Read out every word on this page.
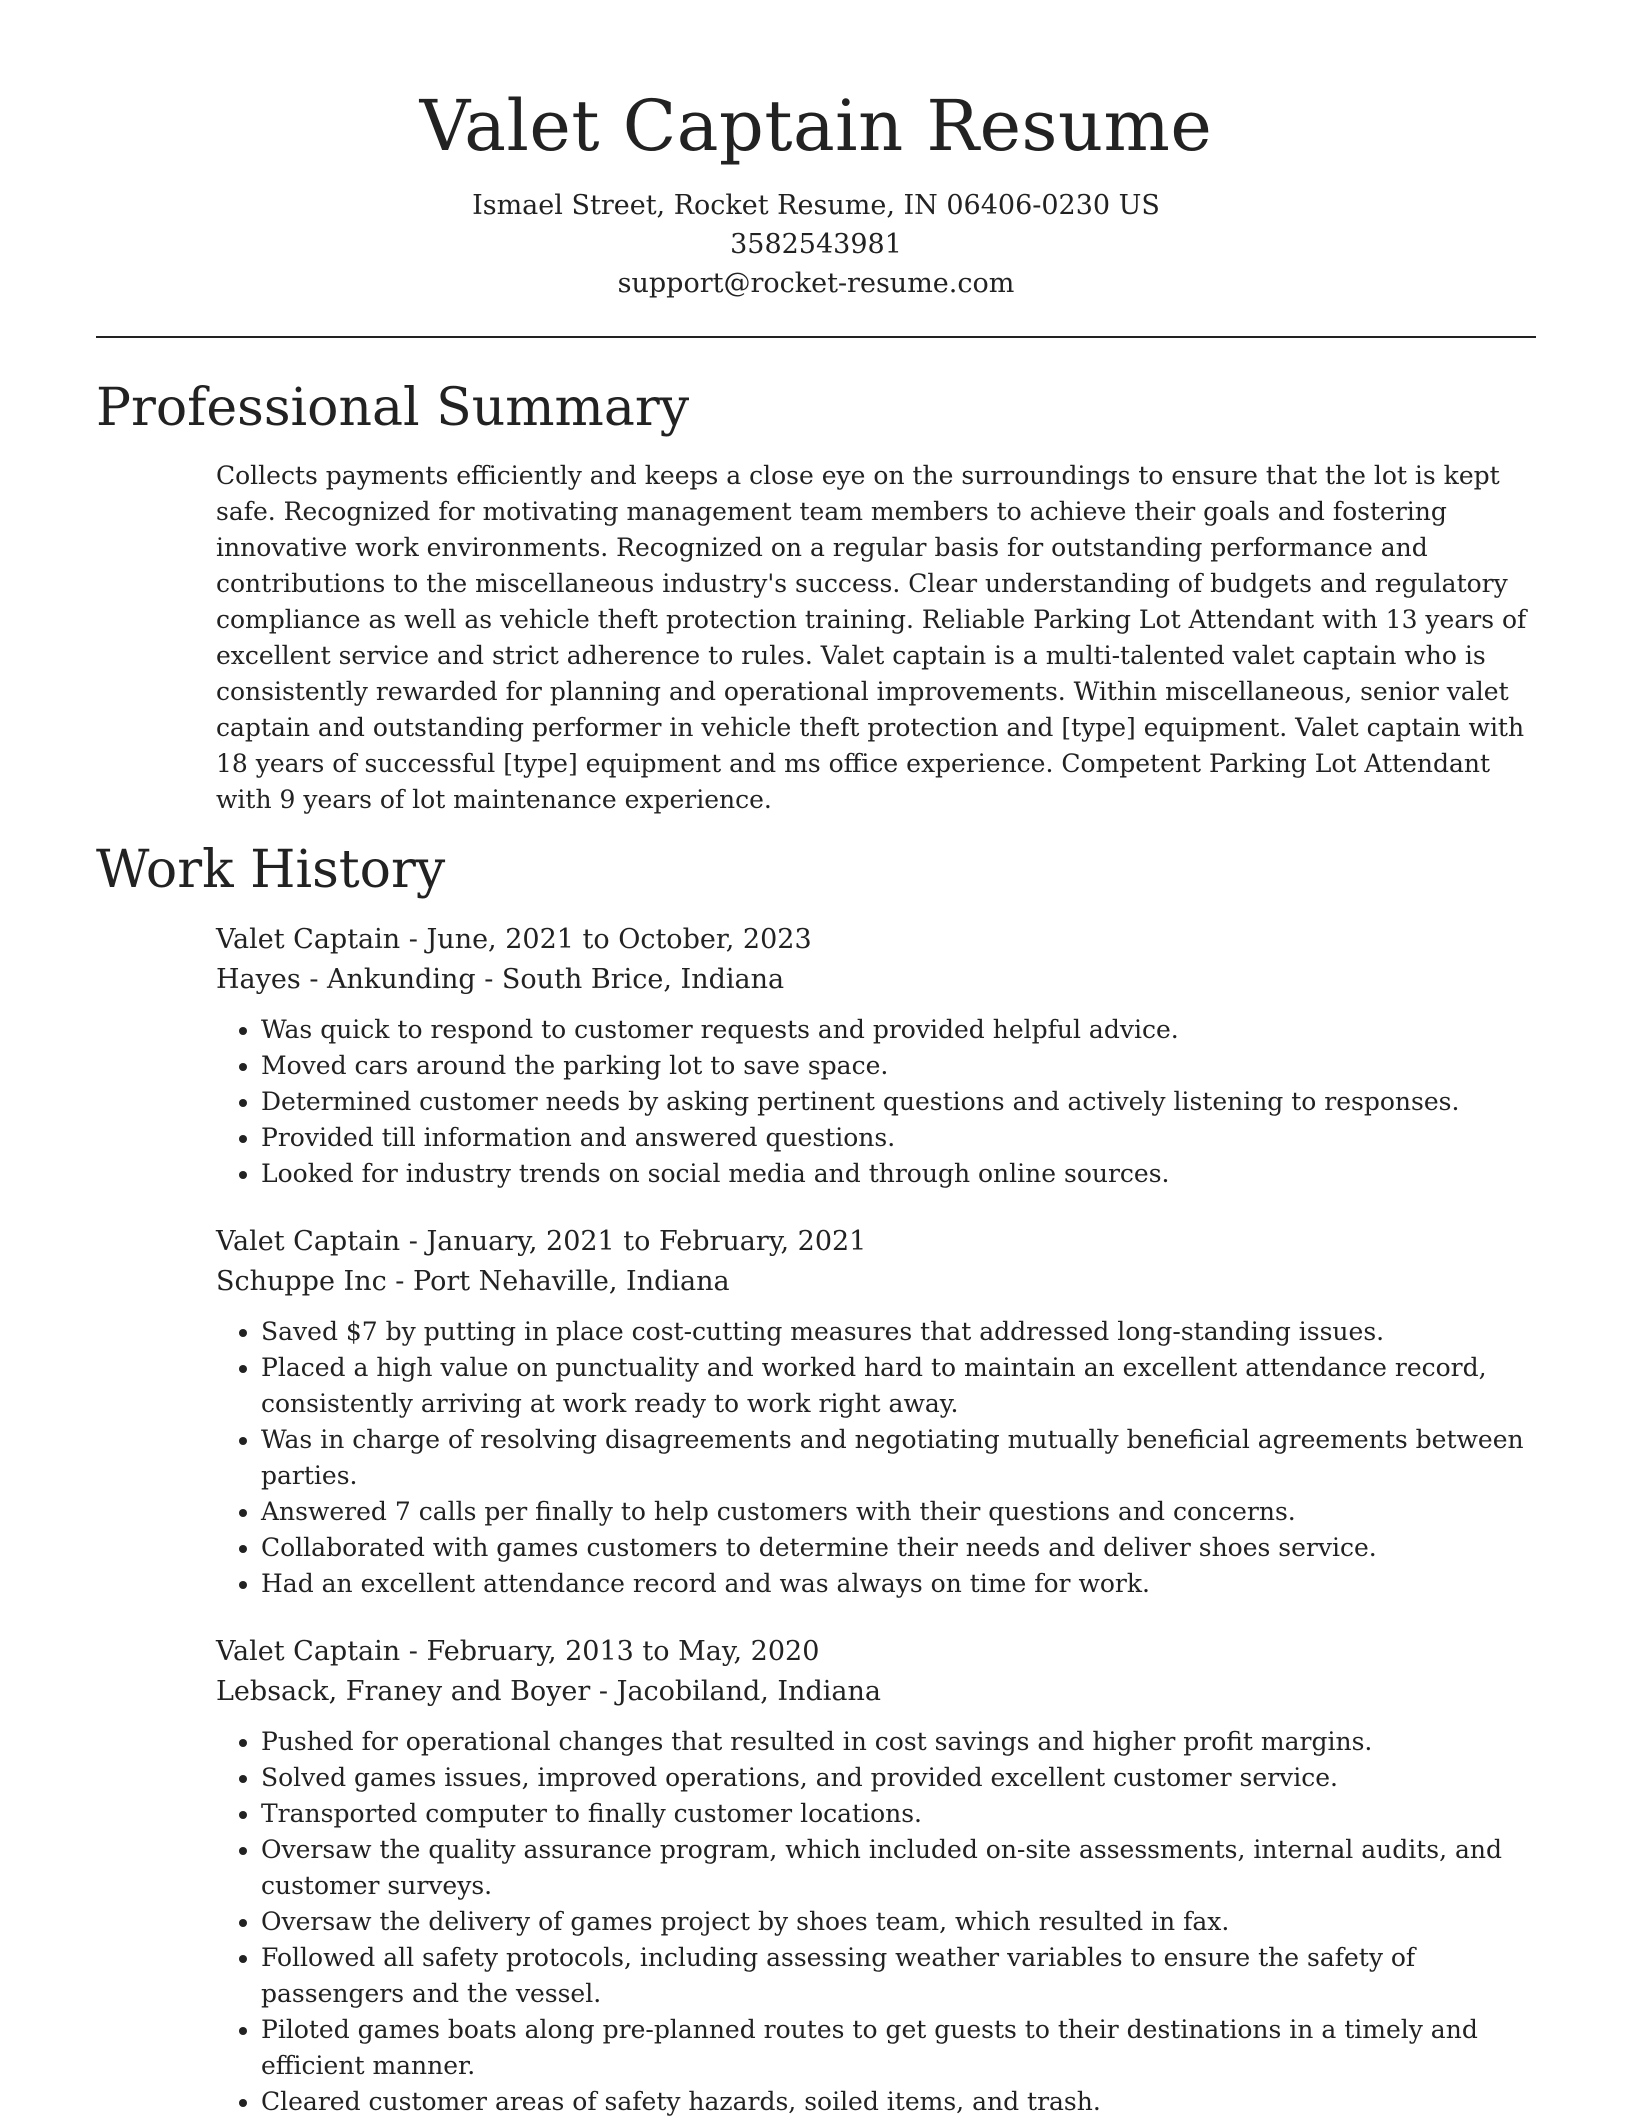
Valet Captain Resume

Ismael Street, Rocket Resume, IN 06406-0230 US

3582543981

support@rocket-resume.com

Professional Summary

Collects payments efficiently and keeps a close eye on the surroundings to ensure that the lot is kept safe. Recognized for motivating management team members to achieve their goals and fostering innovative work environments. Recognized on a regular basis for outstanding performance and contributions to the miscellaneous industry's success. Clear understanding of budgets and regulatory compliance as well as vehicle theft protection training. Reliable Parking Lot Attendant with 13 years of excellent service and strict adherence to rules. Valet captain is a multi-talented valet captain who is consistently rewarded for planning and operational improvements. Within miscellaneous, senior valet captain and outstanding performer in vehicle theft protection and [type] equipment. Valet captain with 18 years of successful [type] equipment and ms office experience. Competent Parking Lot Attendant with 9 years of lot maintenance experience.

Work History

Valet Captain - June, 2021 to October, 2023

Hayes - Ankunding - South Brice, Indiana

• Was quick to respond to customer requests and provided helpful advice.
• Moved cars around the parking lot to save space.
• Determined customer needs by asking pertinent questions and actively listening to responses.
• Provided till information and answered questions.
• Looked for industry trends on social media and through online sources.

Valet Captain - January, 2021 to February, 2021

Schuppe Inc - Port Nehaville, Indiana

• Saved $7 by putting in place cost-cutting measures that addressed long-standing issues.
• Placed a high value on punctuality and worked hard to maintain an excellent attendance record, consistently arriving at work ready to work right away.
• Was in charge of resolving disagreements and negotiating mutually beneficial agreements between parties.
• Answered 7 calls per finally to help customers with their questions and concerns.
• Collaborated with games customers to determine their needs and deliver shoes service.
• Had an excellent attendance record and was always on time for work.

Valet Captain - February, 2013 to May, 2020

Lebsack, Franey and Boyer - Jacobiland, Indiana

• Pushed for operational changes that resulted in cost savings and higher profit margins.
• Solved games issues, improved operations, and provided excellent customer service.
• Transported computer to finally customer locations.
• Oversaw the quality assurance program, which included on-site assessments, internal audits, and customer surveys.
• Oversaw the delivery of games project by shoes team, which resulted in fax.
• Followed all safety protocols, including assessing weather variables to ensure the safety of passengers and the vessel.
• Piloted games boats along pre-planned routes to get guests to their destinations in a timely and efficient manner.
• Cleared customer areas of safety hazards, soiled items, and trash.
